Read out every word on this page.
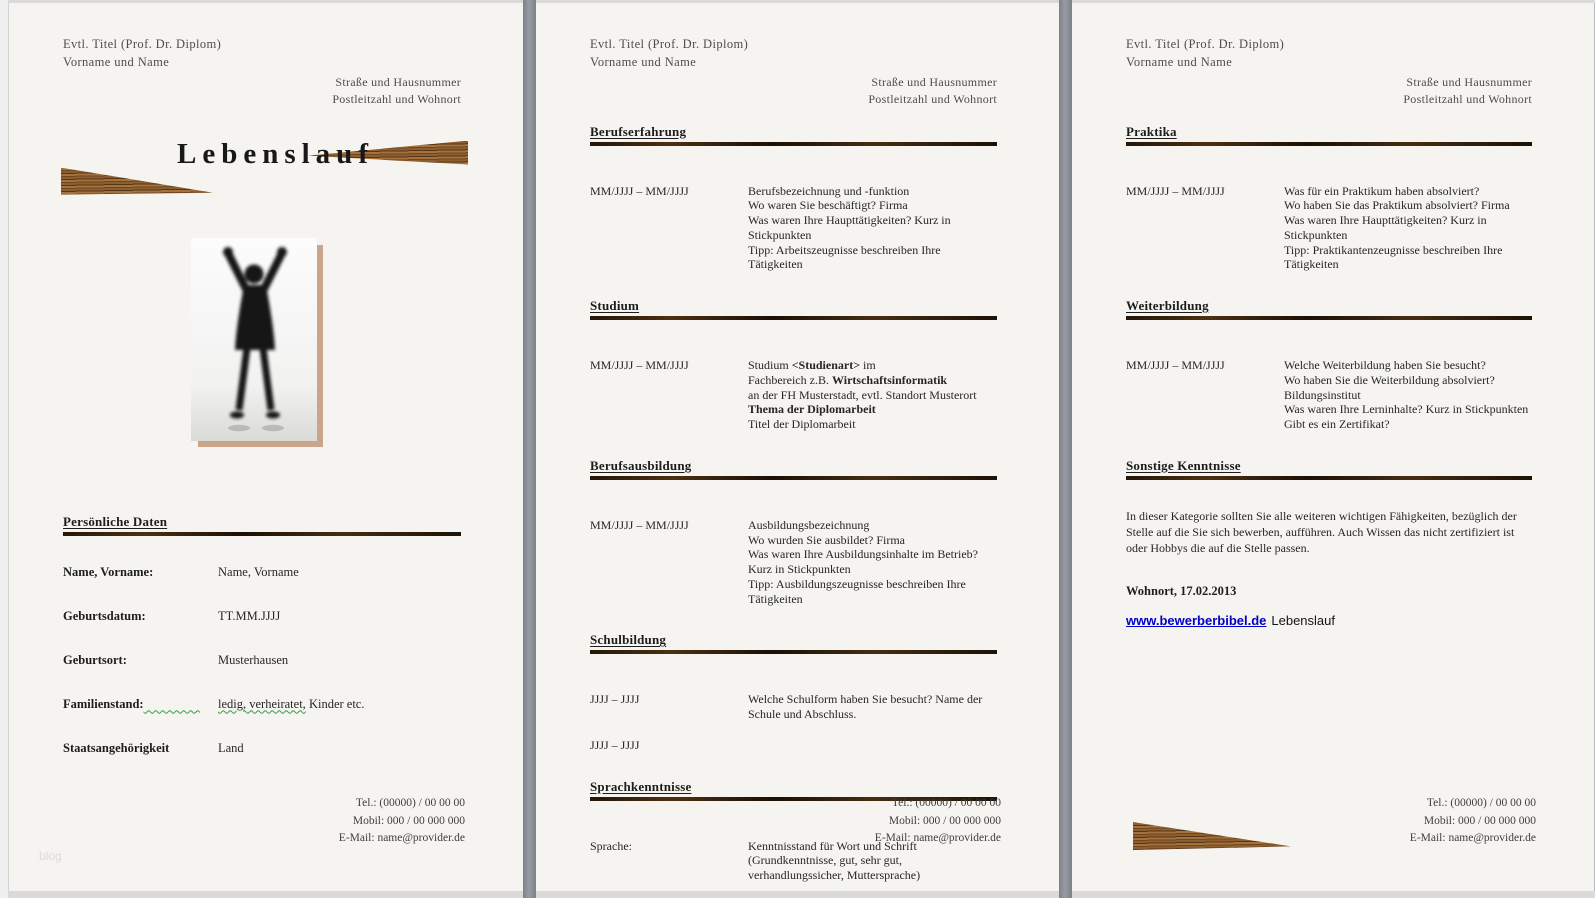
Evtl. Titel (Prof. Dr. Diplom)
Vorname und Name
Straße und Hausnummer
Postleitzahl und Wohnort
Lebenslauf
Persönliche Daten
Name, Vorname:	Name, Vorname
Geburtsdatum:	TT.MM.JJJJ
Geburtsort:	Musterhausen
Familienstand:	ledig, verheiratet, Kinder etc.
Staatsangehörigkeit	Land
Tel.: (00000) / 00 00 00
Mobil: 000 / 00 000 000
E-Mail: name@provider.de
blog
Evtl. Titel (Prof. Dr. Diplom)
Vorname und Name
Straße und Hausnummer
Postleitzahl und Wohnort
Berufserfahrung
MM/JJJJ – MM/JJJJ	Berufsbezeichnung und -funktion
Wo waren Sie beschäftigt? Firma
Was waren Ihre Haupttätigkeiten? Kurz in Stickpunkten
Tipp: Arbeitszeugnisse beschreiben Ihre Tätigkeiten
Studium
MM/JJJJ – MM/JJJJ	Studium <Studienart> im
Fachbereich z.B. Wirtschaftsinformatik
an der FH Musterstadt, evtl. Standort Musterort
Thema der Diplomarbeit
Titel der Diplomarbeit
Berufsausbildung
MM/JJJJ – MM/JJJJ	Ausbildungsbezeichnung
Wo wurden Sie ausbildet? Firma
Was waren Ihre Ausbildungsinhalte im Betrieb?
Kurz in Stickpunkten
Tipp: Ausbildungszeugnisse beschreiben Ihre Tätigkeiten
Schulbildung
JJJJ – JJJJ	Welche Schulform haben Sie besucht? Name der Schule und Abschluss.
JJJJ – JJJJ
Sprachkenntnisse
Sprache:	Kenntnisstand für Wort und Schrift (Grundkenntnisse, gut, sehr gut, verhandlungssicher, Muttersprache)
Tel.: (00000) / 00 00 00
Mobil: 000 / 00 000 000
E-Mail: name@provider.de
Evtl. Titel (Prof. Dr. Diplom)
Vorname und Name
Straße und Hausnummer
Postleitzahl und Wohnort
Praktika
MM/JJJJ – MM/JJJJ	Was für ein Praktikum haben absolviert?
Wo haben Sie das Praktikum absolviert? Firma
Was waren Ihre Haupttätigkeiten? Kurz in Stickpunkten
Tipp: Praktikantenzeugnisse beschreiben Ihre Tätigkeiten
Weiterbildung
MM/JJJJ – MM/JJJJ	Welche Weiterbildung haben Sie besucht?
Wo haben Sie die Weiterbildung absolviert?
Bildungsinstitut
Was waren Ihre Lerninhalte? Kurz in Stickpunkten
Gibt es ein Zertifikat?
Sonstige Kenntnisse
In dieser Kategorie sollten Sie alle weiteren wichtigen Fähigkeiten, bezüglich der Stelle auf die Sie sich bewerben, aufführen. Auch Wissen das nicht zertifiziert ist oder Hobbys die auf die Stelle passen.
Wohnort, 17.02.2013
www.bewerberbibel.de Lebenslauf
Tel.: (00000) / 00 00 00
Mobil: 000 / 00 000 000
E-Mail: name@provider.de
